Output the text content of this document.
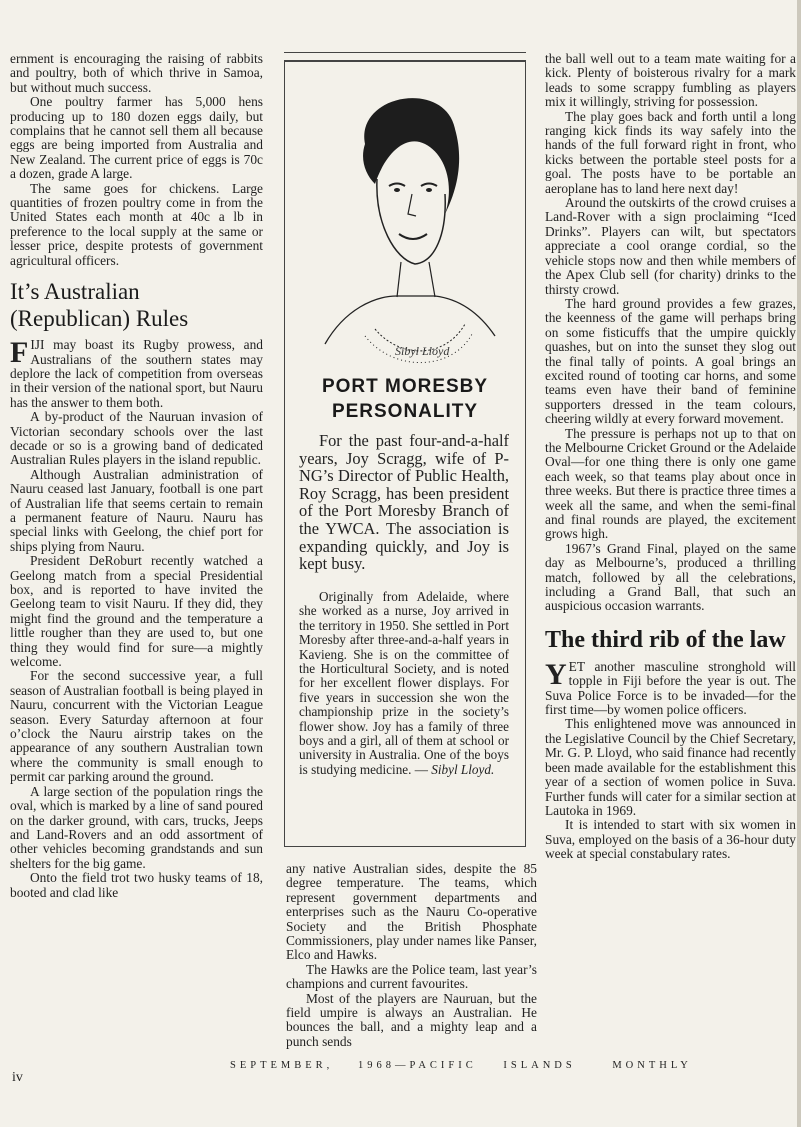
ernment is encouraging the raising of rabbits and poultry, both of which thrive in Samoa, but without much success.

One poultry farmer has 5,000 hens producing up to 180 dozen eggs daily, but complains that he cannot sell them all because eggs are being imported from Australia and New Zealand. The current price of eggs is 70c a dozen, grade A large.

The same goes for chickens. Large quantities of frozen poultry come in from the United States each month at 40c a lb in preference to the local supply at the same or lesser price, despite protests of government agricultural officers.

It’s Australian (Republican) Rules

FIJI may boast its Rugby prowess, and Australians of the southern states may deplore the lack of competition from overseas in their version of the national sport, but Nauru has the answer to them both.

A by-product of the Nauruan invasion of Victorian secondary schools over the last decade or so is a growing band of dedicated Australian Rules players in the island republic.

Although Australian administration of Nauru ceased last January, football is one part of Australian life that seems certain to remain a permanent feature of Nauru. Nauru has special links with Geelong, the chief port for ships plying from Nauru.

President DeRoburt recently watched a Geelong match from a special Presidential box, and is reported to have invited the Geelong team to visit Nauru. If they did, they might find the ground and the temperature a little rougher than they are used to, but one thing they would find for sure—a mightly welcome.

For the second successive year, a full season of Australian football is being played in Nauru, concurrent with the Victorian League season. Every Saturday afternoon at four o’clock the Nauru airstrip takes on the appearance of any southern Australian town where the community is small enough to permit car parking around the ground.

A large section of the population rings the oval, which is marked by a line of sand poured on the darker ground, with cars, trucks, Jeeps and Land-Rovers and an odd assortment of other vehicles becoming grandstands and sun shelters for the big game.

Onto the field trot two husky teams of 18, booted and clad like

Sibyl Lloyd
PORT MORESBY
PERSONALITY

For the past four-and-a-half years, Joy Scragg, wife of P-NG’s Director of Public Health, Roy Scragg, has been president of the Port Moresby Branch of the YWCA. The association is expanding quickly, and Joy is kept busy.

Originally from Adelaide, where she worked as a nurse, Joy arrived in the territory in 1950. She settled in Port Moresby after three-and-a-half years in Kavieng. She is on the committee of the Horticultural Society, and is noted for her excellent flower displays. For five years in succession she won the championship prize in the society’s flower show. Joy has a family of three boys and a girl, all of them at school or university in Australia. One of the boys is studying medicine. — Sibyl Lloyd.

any native Australian sides, despite the 85 degree temperature. The teams, which represent government departments and enterprises such as the Nauru Co-operative Society and the British Phosphate Commissioners, play under names like Panser, Elco and Hawks.

The Hawks are the Police team, last year’s champions and current favourites.

Most of the players are Nauruan, but the field umpire is always an Australian. He bounces the ball, and a mighty leap and a punch sends

the ball well out to a team mate waiting for a kick. Plenty of boisterous rivalry for a mark leads to some scrappy fumbling as players mix it willingly, striving for possession.

The play goes back and forth until a long ranging kick finds its way safely into the hands of the full forward right in front, who kicks between the portable steel posts for a goal. The posts have to be portable an aeroplane has to land here next day!

Around the outskirts of the crowd cruises a Land-Rover with a sign proclaiming “Iced Drinks”. Players can wilt, but spectators appreciate a cool orange cordial, so the vehicle stops now and then while members of the Apex Club sell (for charity) drinks to the thirsty crowd.

The hard ground provides a few grazes, the keenness of the game will perhaps bring on some fisticuffs that the umpire quickly quashes, but on into the sunset they slog out the final tally of points. A goal brings an excited round of tooting car horns, and some teams even have their band of feminine supporters dressed in the team colours, cheering wildly at every forward movement.

The pressure is perhaps not up to that on the Melbourne Cricket Ground or the Adelaide Oval—for one thing there is only one game each week, so that teams play about once in three weeks. But there is practice three times a week all the same, and when the semi-final and final rounds are played, the excitement grows high.

1967’s Grand Final, played on the same day as Melbourne’s, produced a thrilling match, followed by all the celebrations, including a Grand Ball, that such an auspicious occasion warrants.

The third rib of the law

YET another masculine stronghold will topple in Fiji before the year is out. The Suva Police Force is to be invaded—for the first time—by women police officers.

This enlightened move was announced in the Legislative Council by the Chief Secretary, Mr. G. P. Lloyd, who said finance had recently been made available for the establishment this year of a section of women police in Suva. Further funds will cater for a similar section at Lautoka in 1969.

It is intended to start with six women in Suva, employed on the basis of a 36-hour duty week at special constabulary rates.

SEPTEMBER, 1968—PACIFIC	ISLANDS	MONTHLY
iv
